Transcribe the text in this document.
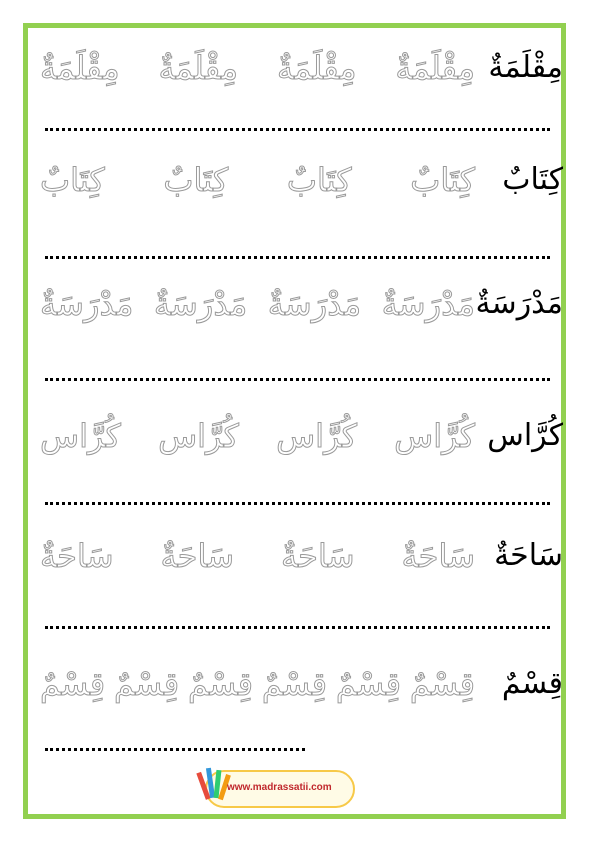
مِقْلَمَةٌ
مِقْلَمَةٌ
مِقْلَمَةٌ
مِقْلَمَةٌ
مِقْلَمَةٌ
كِتَابٌ
كِتَابٌ
كِتَابٌ
كِتَابٌ
كِتَابٌ
مَدْرَسَةٌ
مَدْرَسَةٌ
مَدْرَسَةٌ
مَدْرَسَةٌ
مَدْرَسَةٌ
كُرَّاس
كُرَّاس
كُرَّاس
كُرَّاس
كُرَّاس
سَاحَةٌ
سَاحَةٌ
سَاحَةٌ
سَاحَةٌ
سَاحَةٌ
قِسْمٌ
قِسْمٌ
قِسْمٌ
قِسْمٌ
قِسْمٌ
قِسْمٌ
قِسْمٌ
www.madrassatii.com
